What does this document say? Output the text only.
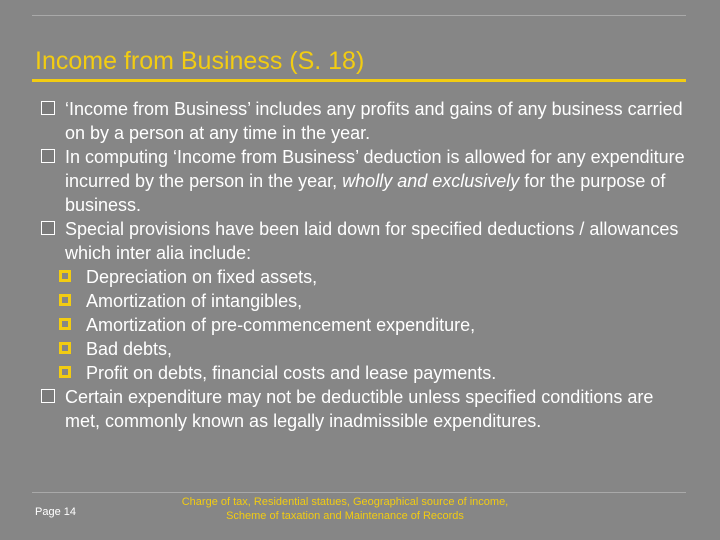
Income from Business (S. 18)

‘Income from Business’ includes any profits and gains of any business carried on by a person at any time in the year.

In computing ‘Income from Business’ deduction is allowed for any expenditure incurred by the person in the year, wholly and exclusively for the purpose of business.

Special provisions have been laid down for specified deductions / allowances which inter alia include:

Depreciation on fixed assets,
Amortization of intangibles,
Amortization of pre-commencement expenditure,
Bad debts,
Profit on debts, financial costs and lease payments.

Certain expenditure may not be deductible unless specified conditions are met, commonly known as legally inadmissible expenditures.

Page 14
Charge of tax, Residential statues, Geographical source of income, Scheme of taxation and Maintenance of Records
